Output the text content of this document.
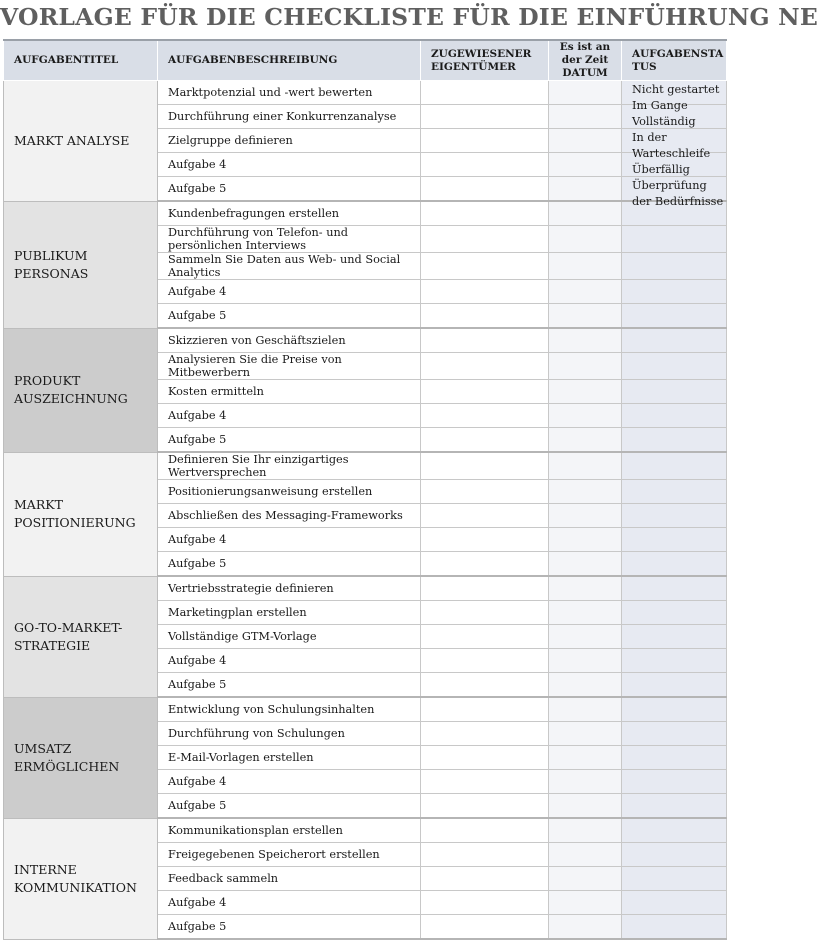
VORLAGE FÜR DIE CHECKLISTE FÜR DIE EINFÜHRUNG NE
AUFGABENTITEL	AUFGABENBESCHREIBUNG	ZUGEWIESENER EIGENTÜMER	Es ist an der Zeit DATUM	AUFGABENSTA TUS
MARKT ANALYSE	Marktpotenzial und -wert bewerten			
	Durchführung einer Konkurrenzanalyse			
	Zielgruppe definieren			
	Aufgabe 4			
	Aufgabe 5			
PUBLIKUM PERSONAS	Kundenbefragungen erstellen			
	Durchführung von Telefon- und persönlichen Interviews			
	Sammeln Sie Daten aus Web- und Social Analytics			
	Aufgabe 4			
	Aufgabe 5			
PRODUKT AUSZEICHNUNG	Skizzieren von Geschäftszielen			
	Analysieren Sie die Preise von Mitbewerbern			
	Kosten ermitteln			
	Aufgabe 4			
	Aufgabe 5			
MARKT POSITIONIERUNG	Definieren Sie Ihr einzigartiges Wertversprechen			
	Positionierungsanweisung erstellen			
	Abschließen des Messaging-Frameworks			
	Aufgabe 4			
	Aufgabe 5			
GO-TO-MARKET-STRATEGIE	Vertriebsstrategie definieren			
	Marketingplan erstellen			
	Vollständige GTM-Vorlage			
	Aufgabe 4			
	Aufgabe 5			
UMSATZ ERMÖGLICHEN	Entwicklung von Schulungsinhalten			
	Durchführung von Schulungen			
	E-Mail-Vorlagen erstellen			
	Aufgabe 4			
	Aufgabe 5			
INTERNE KOMMUNIKATION	Kommunikationsplan erstellen			
	Freigegebenen Speicherort erstellen			
	Feedback sammeln			
	Aufgabe 4			
	Aufgabe 5			
Nicht gestartet
Im Gange
Vollständig
In der Warteschleife
Überfällig
Überprüfung der Bedürfnisse
